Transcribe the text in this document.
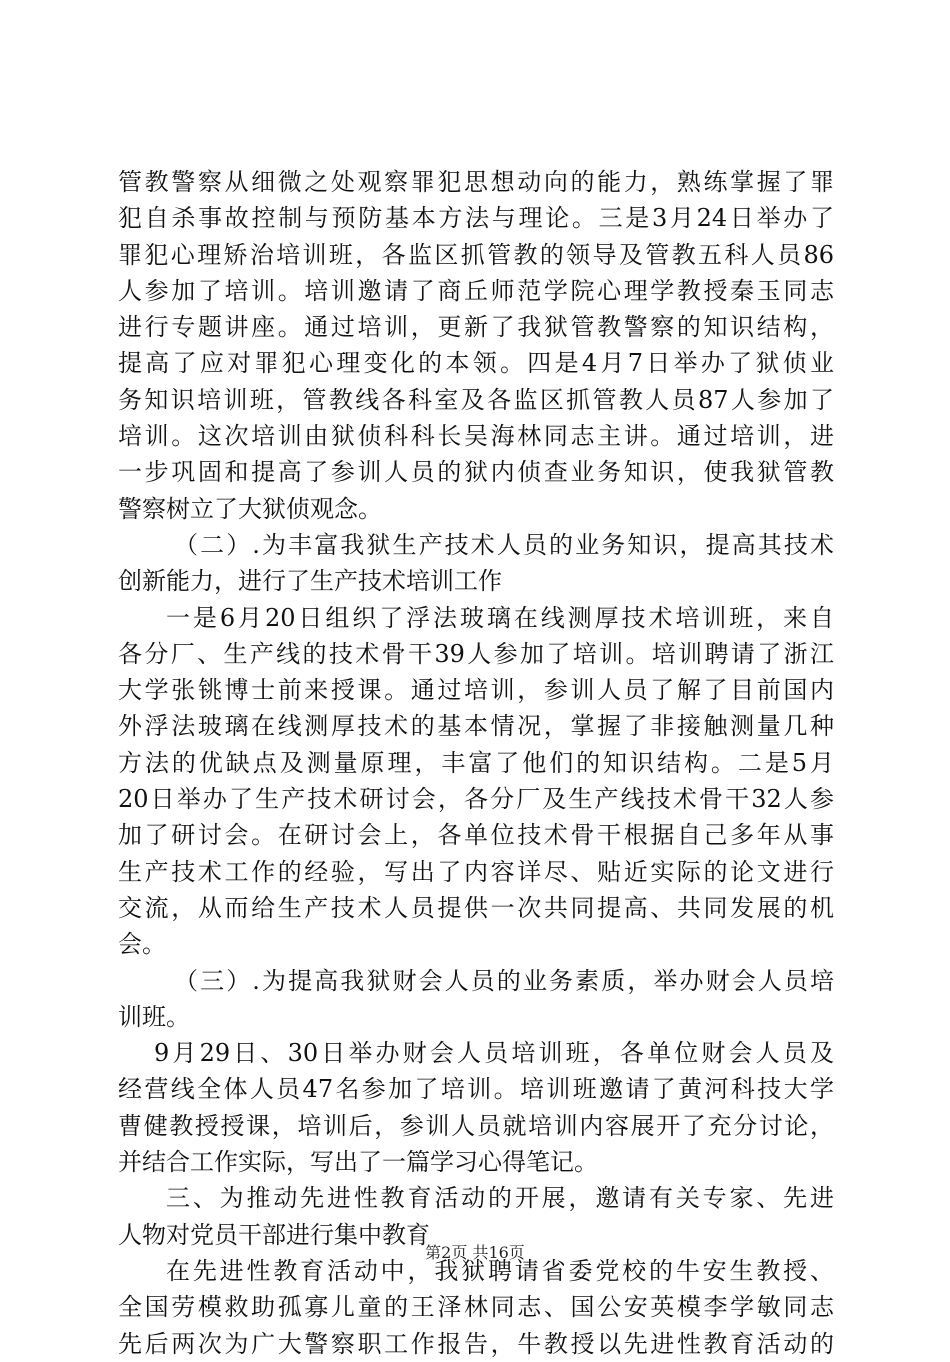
管教警察从细微之处观察罪犯思想动向的能力，熟练掌握了罪
犯自杀事故控制与预防基本方法与理论。三是3月24日举办了
罪犯心理矫治培训班，各监区抓管教的领导及管教五科人员86
人参加了培训。培训邀请了商丘师范学院心理学教授秦玉同志
进行专题讲座。通过培训，更新了我狱管教警察的知识结构，
提高了应对罪犯心理变化的本领。四是4月7日举办了狱侦业
务知识培训班，管教线各科室及各监区抓管教人员87人参加了
培训。这次培训由狱侦科科长吴海林同志主讲。通过培训，进
一步巩固和提高了参训人员的狱内侦查业务知识，使我狱管教
警察树立了大狱侦观念。
（二）.为丰富我狱生产技术人员的业务知识，提高其技术
创新能力，进行了生产技术培训工作
一是6月20日组织了浮法玻璃在线测厚技术培训班，来自
各分厂、生产线的技术骨干39人参加了培训。培训聘请了浙江
大学张铫博士前来授课。通过培训，参训人员了解了目前国内
外浮法玻璃在线测厚技术的基本情况，掌握了非接触测量几种
方法的优缺点及测量原理，丰富了他们的知识结构。二是5月
20日举办了生产技术研讨会，各分厂及生产线技术骨干32人参
加了研讨会。在研讨会上，各单位技术骨干根据自己多年从事
生产技术工作的经验，写出了内容详尽、贴近实际的论文进行
交流，从而给生产技术人员提供一次共同提高、共同发展的机
会。
（三）.为提高我狱财会人员的业务素质，举办财会人员培
训班。
9月29日、30日举办财会人员培训班，各单位财会人员及
经营线全体人员47名参加了培训。培训班邀请了黄河科技大学
曹健教授授课，培训后，参训人员就培训内容展开了充分讨论，
并结合工作实际，写出了一篇学习心得笔记。
三、为推动先进性教育活动的开展，邀请有关专家、先进
人物对党员干部进行集中教育
在先进性教育活动中，我狱聘请省委党校的牛安生教授、
全国劳模救助孤寡儿童的王泽林同志、国公安英模李学敏同志
先后两次为广大警察职工作报告，牛教授以先进性教育活动的
第2页 共16页
